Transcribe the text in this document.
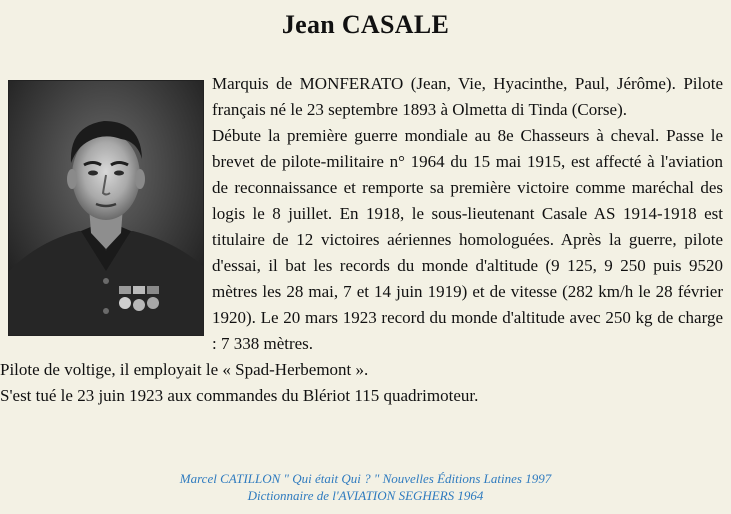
Jean CASALE

Marquis de MONFERATO (Jean, Vie, Hyacinthe, Paul, Jérôme). Pilote français né le 23 septembre 1893 à Olmetta di Tinda (Corse).

Débute la première guerre mondiale au 8e Chasseurs à cheval. Passe le brevet de pilote-militaire n° 1964 du 15 mai 1915, est affecté à l'aviation de reconnaissance et remporte sa première victoire comme maréchal des logis le 8 juillet. En 1918, le sous-lieutenant Casale AS 1914-1918 est titulaire de 12 victoires aériennes homologuées. Après la guerre, pilote d'essai, il bat les records du monde d'altitude (9 125, 9 250 puis 9520 mètres les 28 mai, 7 et 14 juin 1919) et de vitesse (282 km/h le 28 février 1920). Le 20 mars 1923 record du monde d'altitude avec 250 kg de charge : 7 338 mètres.

Pilote de voltige, il employait le « Spad-Herbemont ».

S'est tué le 23 juin 1923 aux commandes du Blériot 115 quadrimoteur.

Marcel CATILLON " Qui était Qui ? " Nouvelles Éditions Latines 1997
Dictionnaire de l'AVIATION SEGHERS 1964
